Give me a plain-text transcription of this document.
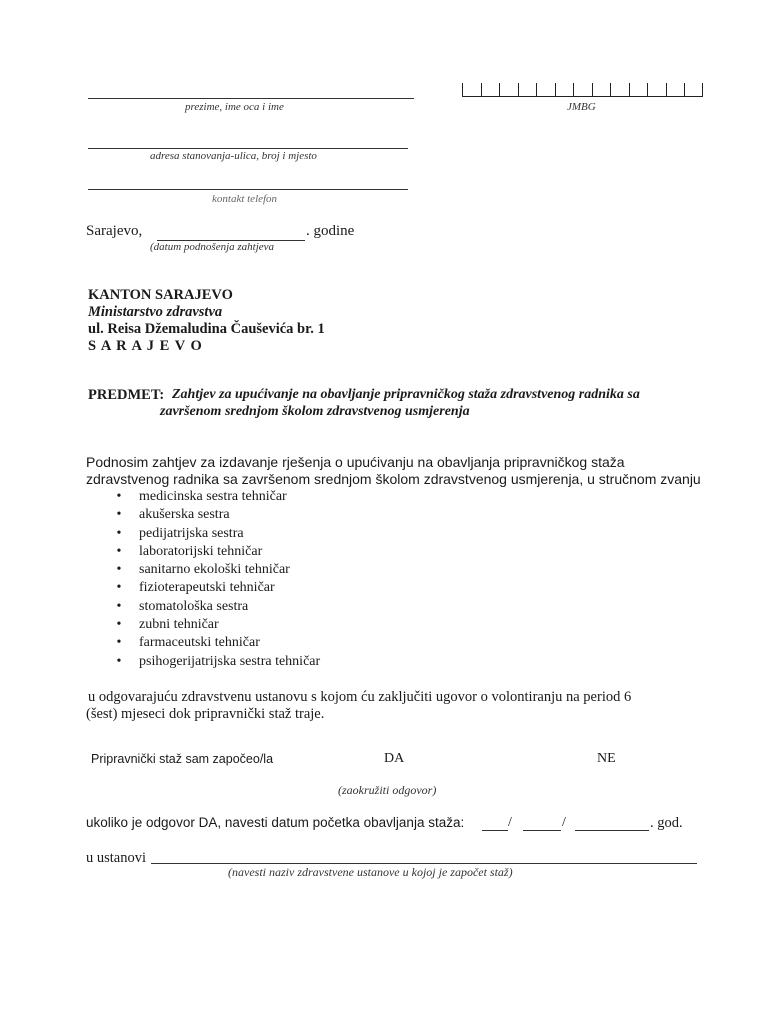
prezime, ime oca i ime	JMBG
adresa stanovanja-ulica, broj i mjesto
kontakt telefon
Sarajevo,	. godine
(datum podnošenja zahtjeva
KANTON SARAJEVO
Ministarstvo zdravstva
ul. Reisa Džemaludina Čauševića br. 1
S A R A J E V O
PREDMET: Zahtjev za upućivanje na obavljanje pripravničkog staža zdravstvenog radnika sa
završenom srednjom školom zdravstvenog usmjerenja
Podnosim zahtjev za izdavanje rješenja o upućivanju na obavljanja pripravničkog staža
zdravstvenog radnika sa završenom srednjom školom zdravstvenog usmjerenja, u stručnom zvanju
• medicinska sestra tehničar
• akušerska sestra
• pedijatrijska sestra
• laboratorijski tehničar
• sanitarno ekološki tehničar
• fizioterapeutski tehničar
• stomatološka sestra
• zubni tehničar
• farmaceutski tehničar
• psihogerijatrijska sestra tehničar
u odgovarajuću zdravstvenu ustanovu s kojom ću zaključiti ugovor o volontiranju na period 6
(šest) mjeseci dok pripravnički staž traje.
Pripravnički staž sam započeo/la	DA	NE
(zaokružiti odgovor)
ukoliko je odgovor DA, navesti datum početka obavljanja staža:	/	/	. god.
u ustanovi
(navesti naziv zdravstvene ustanove u kojoj je započet staž)
